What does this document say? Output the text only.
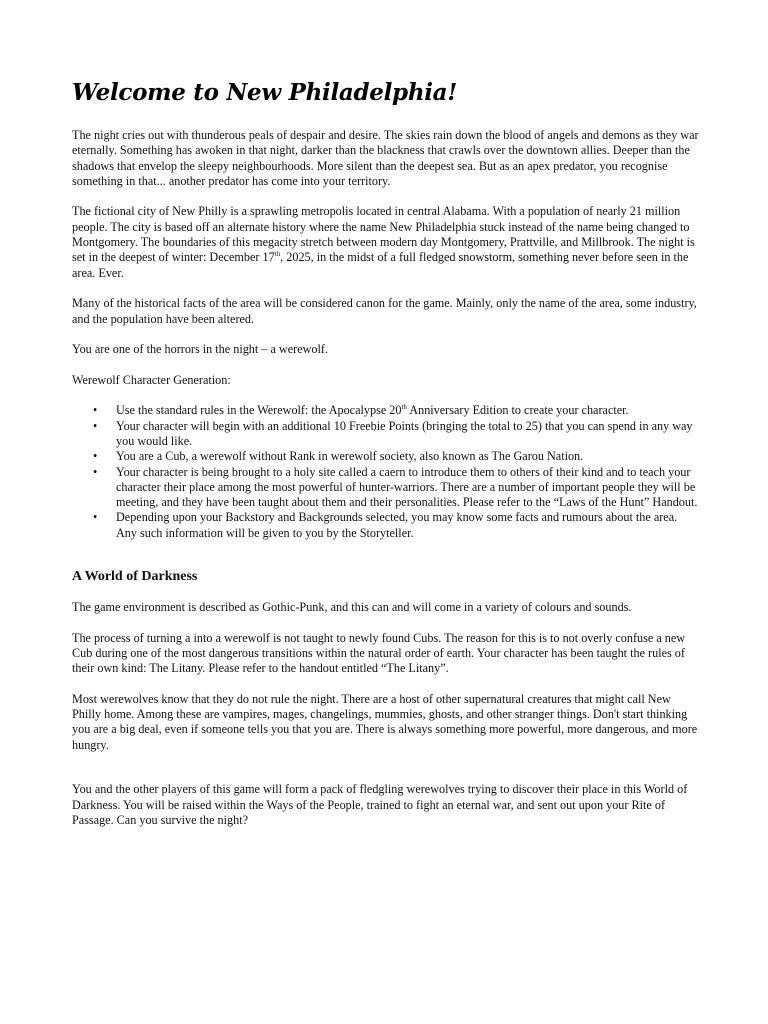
Welcome to New Philadelphia!

The night cries out with thunderous peals of despair and desire. The skies rain down the blood of angels and demons as they war eternally. Something has awoken in that night, darker than the blackness that crawls over the downtown allies. Deeper than the shadows that envelop the sleepy neighbourhoods. More silent than the deepest sea. But as an apex predator, you recognise something in that... another predator has come into your territory.

The fictional city of New Philly is a sprawling metropolis located in central Alabama. With a population of nearly 21 million people. The city is based off an alternate history where the name New Philadelphia stuck instead of the name being changed to Montgomery. The boundaries of this megacity stretch between modern day Montgomery, Prattville, and Millbrook. The night is set in the deepest of winter: December 17th, 2025, in the midst of a full fledged snowstorm, something never before seen in the area. Ever.

Many of the historical facts of the area will be considered canon for the game. Mainly, only the name of the area, some industry, and the population have been altered.

You are one of the horrors in the night – a werewolf.

Werewolf Character Generation:

• Use the standard rules in the Werewolf: the Apocalypse 20th Anniversary Edition to create your character.
• Your character will begin with an additional 10 Freebie Points (bringing the total to 25) that you can spend in any way you would like.
• You are a Cub, a werewolf without Rank in werewolf society, also known as The Garou Nation.
• Your character is being brought to a holy site called a caern to introduce them to others of their kind and to teach your character their place among the most powerful of hunter-warriors. There are a number of important people they will be meeting, and they have been taught about them and their personalities. Please refer to the “Laws of the Hunt” Handout.
• Depending upon your Backstory and Backgrounds selected, you may know some facts and rumours about the area. Any such information will be given to you by the Storyteller.
A World of Darkness

The game environment is described as Gothic-Punk, and this can and will come in a variety of colours and sounds.

The process of turning a into a werewolf is not taught to newly found Cubs. The reason for this is to not overly confuse a new Cub during one of the most dangerous transitions within the natural order of earth. Your character has been taught the rules of their own kind: The Litany. Please refer to the handout entitled “The Litany”.

Most werewolves know that they do not rule the night. There are a host of other supernatural creatures that might call New Philly home. Among these are vampires, mages, changelings, mummies, ghosts, and other stranger things. Don't start thinking you are a big deal, even if someone tells you that you are. There is always something more powerful, more dangerous, and more hungry.

You and the other players of this game will form a pack of fledgling werewolves trying to discover their place in this World of Darkness. You will be raised within the Ways of the People, trained to fight an eternal war, and sent out upon your Rite of Passage. Can you survive the night?
